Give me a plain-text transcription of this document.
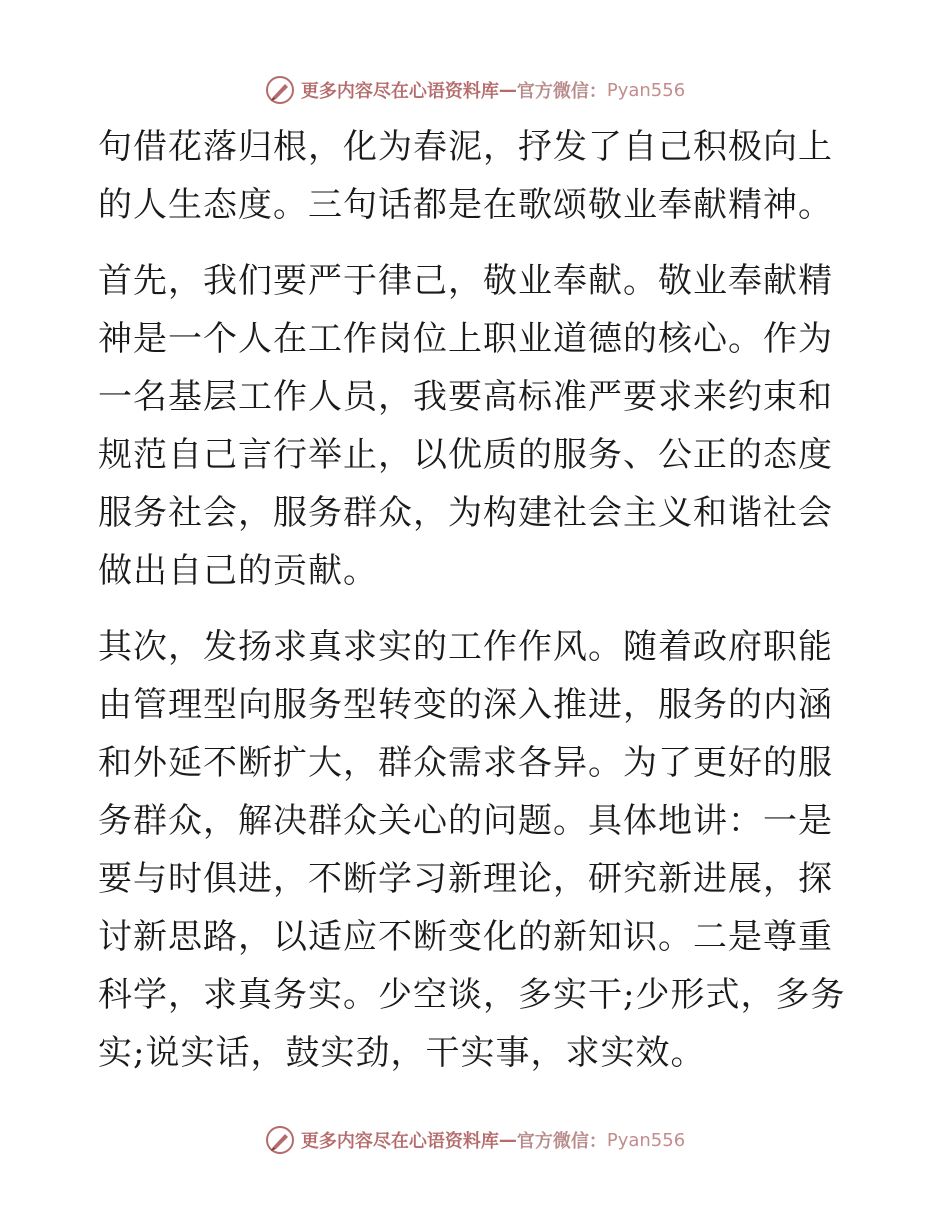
更多内容尽在心语资料库 — 官方微信： Pyan556

句借花落归根，化为春泥，抒发了自己积极向上的人生态度。三句话都是在歌颂敬业奉献精神。

首先，我们要严于律己，敬业奉献。敬业奉献精神是一个人在工作岗位上职业道德的核心。作为一名基层工作人员，我要高标准严要求来约束和规范自己言行举止，以优质的服务、公正的态度服务社会，服务群众，为构建社会主义和谐社会做出自己的贡献。

其次，发扬求真求实的工作作风。随着政府职能由管理型向服务型转变的深入推进，服务的内涵和外延不断扩大，群众需求各异。为了更好的服务群众，解决群众关心的问题。具体地讲：一是要与时俱进，不断学习新理论，研究新进展，探讨新思路，以适应不断变化的新知识。二是尊重科学，求真务实。少空谈，多实干;少形式，多务实;说实话，鼓实劲，干实事，求实效。

更多内容尽在心语资料库 — 官方微信： Pyan556
